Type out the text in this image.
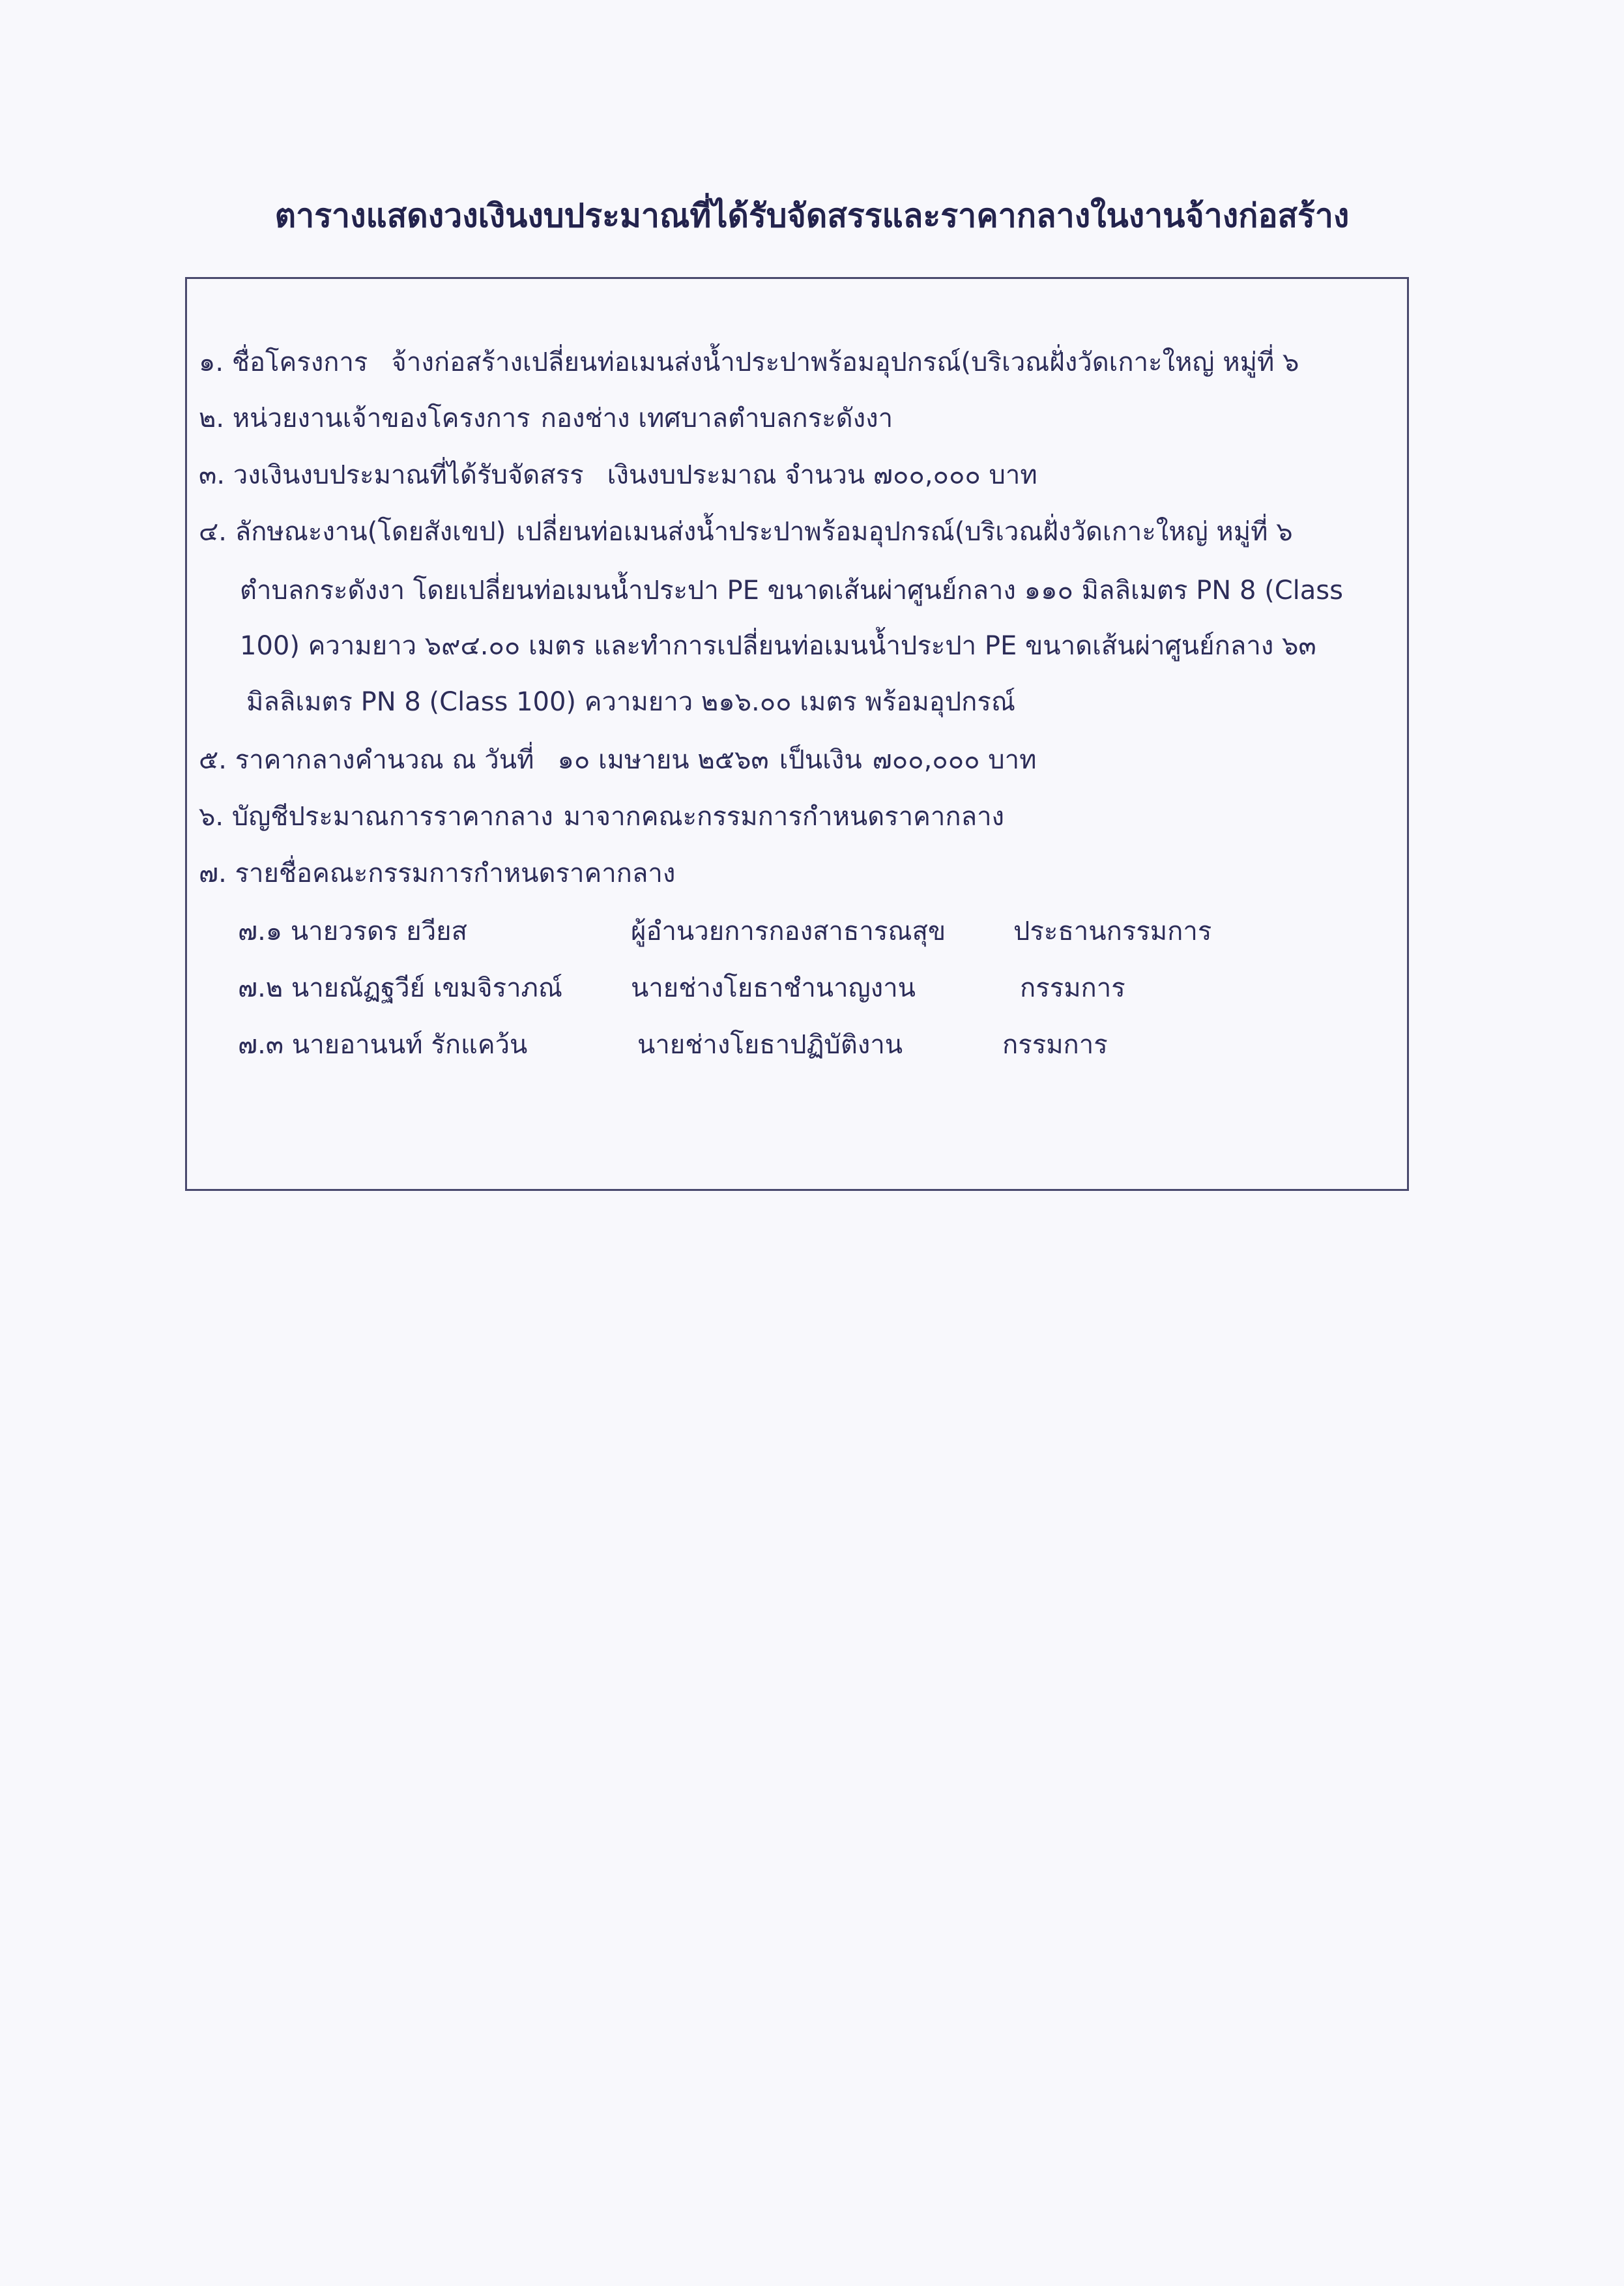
ตารางแสดงวงเงินงบประมาณที่ได้รับจัดสรรและราคากลางในงานจ้างก่อสร้าง
๑. ชื่อโครงการ จ้างก่อสร้างเปลี่ยนท่อเมนส่งน้ำประปาพร้อมอุปกรณ์(บริเวณฝั่งวัดเกาะใหญ่ หมู่ที่ ๖
๒. หน่วยงานเจ้าของโครงการ กองช่าง เทศบาลตำบลกระดังงา
๓. วงเงินงบประมาณที่ได้รับจัดสรร เงินงบประมาณ จำนวน ๗๐๐,๐๐๐ บาท
๔. ลักษณะงาน(โดยสังเขป) เปลี่ยนท่อเมนส่งน้ำประปาพร้อมอุปกรณ์(บริเวณฝั่งวัดเกาะใหญ่ หมู่ที่ ๖
ตำบลกระดังงา โดยเปลี่ยนท่อเมนน้ำประปา PE ขนาดเส้นผ่าศูนย์กลาง ๑๑๐ มิลลิเมตร PN 8 (Class
100) ความยาว ๖๙๔.๐๐ เมตร และทำการเปลี่ยนท่อเมนน้ำประปา PE ขนาดเส้นผ่าศูนย์กลาง ๖๓
มิลลิเมตร PN 8 (Class 100) ความยาว ๒๑๖.๐๐ เมตร พร้อมอุปกรณ์
๕. ราคากลางคำนวณ ณ วันที่ ๑๐ เมษายน ๒๕๖๓ เป็นเงิน ๗๐๐,๐๐๐ บาท
๖. บัญชีประมาณการราคากลาง มาจากคณะกรรมการกำหนดราคากลาง
๗. รายชื่อคณะกรรมการกำหนดราคากลาง
๗.๑ นายวรดร ยวียส	ผู้อำนวยการกองสาธารณสุข	ประธานกรรมการ
๗.๒ นายณัฏฐวีย์ เขมจิราภณ์	นายช่างโยธาชำนาญงาน	กรรมการ
๗.๓ นายอานนท์ รักแคว้น	นายช่างโยธาปฏิบัติงาน	กรรมการ
